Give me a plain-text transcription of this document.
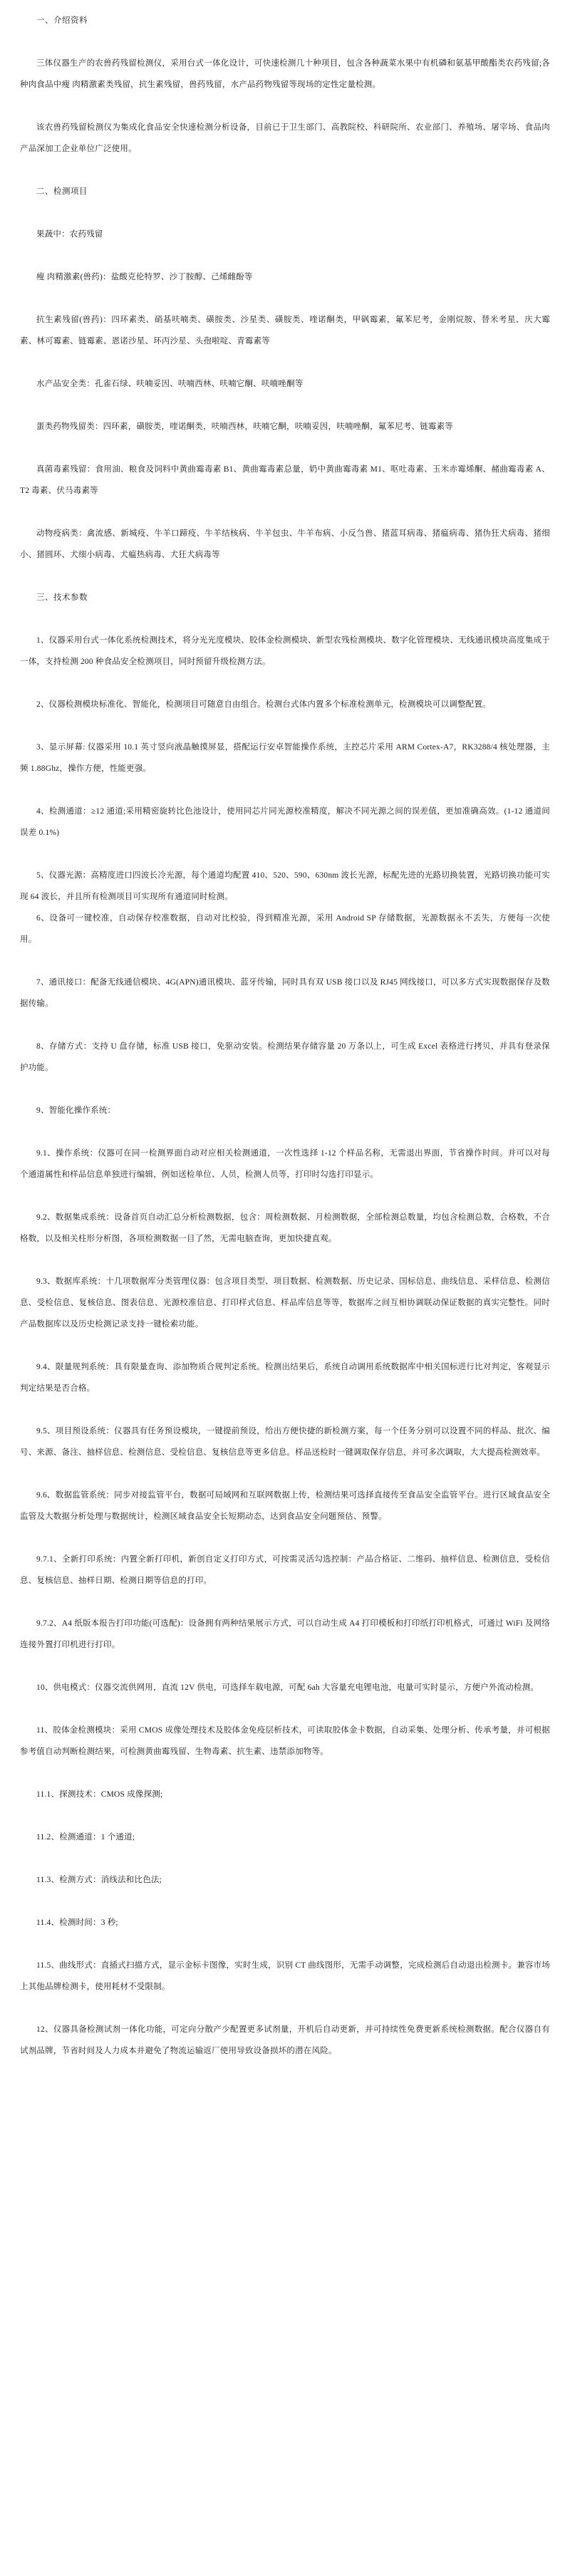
一、介绍资料

三体仪器生产的农兽药残留检测仪，采用台式一体化设计，可快速检测几十种项目，包含各种蔬菜水果中有机磷和氨基甲酸酯类农药残留;各种肉食品中瘦 肉精激素类残留，抗生素残留，兽药残留，水产品药物残留等现场的定性定量检测。

该农兽药残留检测仪为集成化食品安全快速检测分析设备，目前已于卫生部门、高教院校、科研院所、农业部门、养殖场、屠宰场、食品肉产品深加工企业单位广泛使用。

二、检测项目

果蔬中：农药残留

瘦 肉精激素(兽药)：盐酸克伦特罗、沙丁胺醇、己烯雌酚等

抗生素残留(兽药)：四环素类、硝基呋喃类、磺胺类、沙星类、磺胺类、喹诺酮类，甲砜霉素，氟苯尼考，金刚烷胺、替米考星、庆大霉素、林可霉素、链霉素、恩诺沙星、环丙沙星、头孢啦啶、青霉素等

水产品安全类：孔雀石绿、呋喃妥因、呋喃西林、呋喃它酮、呋喃唑酮等

蛋类药物残留类：四环素，磺胺类，喹诺酮类，呋喃西林，呋喃它酮，呋喃妥因，呋喃唑酮，氟苯尼考、链霉素等

真菌毒素残留：食用油、粮食及饲料中黄曲霉毒素 B1、黄曲霉毒素总量，奶中黄曲霉毒素 M1、呕吐毒素、玉米赤霉烯酮、赭曲霉毒素 A、T2 毒素、伏马毒素等

动物疫病类：禽流感、新城疫、牛羊口蹄疫、牛羊结核病、牛羊包虫、牛羊布病、小反刍兽、猪蓝耳病毒、猪瘟病毒、猪伪狂犬病毒、猪细小、猪圆环、犬细小病毒、犬瘟热病毒、犬狂犬病毒等

三、技术参数

1、仪器采用台式一体化系统检测技术，将分光光度模块、胶体金检测模块、新型农残检测模块、数字化管理模块、无线通讯模块高度集成于一体，支持检测 200 种食品安全检测项目，同时预留升级检测方法。

2、仪器检测模块标准化、智能化，检测项目可随意自由组合。检测台式体内置多个标准检测单元，检测模块可以调整配置。

3、显示屏幕: 仪器采用 10.1 英寸竖向液晶触摸屏显，搭配运行安卓智能操作系统，主控芯片采用 ARM Cortex-A7，RK3288/4 核处理器，主频 1.88Ghz，操作方便，性能更强。

4、检测通道：≥12 通道;采用精密旋转比色池设计，使用同芯片同光源校准精度，解决不同光源之间的误差值，更加准确高效。(1-12 通道间误差 0.1%)

5、仪器光源：高精度进口四波长冷光源，每个通道均配置 410、520、590、630nm 波长光源，标配先进的光路切换装置，光路切换功能可实现 64 波长，并且所有检测项目可实现所有通道同时检测。

6、设备可一键校准，自动保存校准数据，自动对比校验，得到精准光源，采用 Android SP 存储数据，光源数据永不丢失，方便每一次使用。

7、通讯接口：配备无线通信模块、4G(APN)通讯模块、蓝牙传输，同时具有双 USB 接口以及 RJ45 网线接口，可以多方式实现数据保存及数据传输。

8、存储方式：支持 U 盘存储，标准 USB 接口，免驱动安装。检测结果存储容量 20 万条以上，可生成 Excel 表格进行拷贝，并具有登录保护功能。

9、智能化操作系统：

9.1、操作系统：仪器可在同一检测界面自动对应相关检测通道，一次性选择 1-12 个样品名称，无需退出界面，节省操作时间。并可以对每个通道属性和样品信息单独进行编辑，例如送检单位、人员，检测人员等，打印时勾选打印显示。

9.2、数据集成系统：设备首页自动汇总分析检测数据，包含：周检测数据、月检测数据，全部检测总数量，均包含检测总数，合格数，不合格数，以及相关柱形分析图，各项检测数据一目了然，无需电脑查询，更加快捷直观。

9.3、数据库系统：十几项数据库分类管理仪器：包含项目类型、项目数据、检测数据、历史记录、国标信息、曲线信息、采样信息、检测信息、受检信息、复核信息、图表信息、光源校准信息、打印样式信息、样品库信息等等，数据库之间互相协调联动保证数据的真实完整性。同时产品数据库以及历史检测记录支持一键检索功能。

9.4、限量规判系统：具有限量查询、添加物质合规判定系统。检测出结果后，系统自动调用系统数据库中相关国标进行比对判定，客观显示判定结果是否合格。

9.5、项目预设系统：仪器具有任务预设模块，一键提前预设，给出方便快捷的新检测方案，每一个任务分别可以设置不同的样品、批次、编号、来源、备注、抽样信息、检测信息、受检信息、复核信息等更多信息。样品送检时一键调取保存信息，并可多次调取，大大提高检测效率。

9.6、数据监管系统：同步对接监管平台，数据可局域网和互联网数据上传，检测结果可选择直接传至食品安全监管平台。进行区域食品安全监管及大数据分析处理与数据统计，检测区域食品安全长短期动态，达到食品安全问题预估、预警。

9.7.1、全新打印系统：内置全新打印机，新创自定义打印方式，可按需灵活勾选控制：产品合格证、二维码、抽样信息、检测信息，受检信息、复核信息、抽样日期、检测日期等信息的打印。

9.7.2、A4 纸版本报告打印功能(可选配)：设备拥有两种结果展示方式，可以自动生成 A4 打印模板和打印纸打印机格式，可通过 WiFi 及网络连接外置打印机进行打印。

10、供电模式：仪器交流供网用，直流 12V 供电，可选择车载电源，可配 6ah 大容量充电锂电池，电量可实时显示，方便户外流动检测。

11、胶体金检测模块：采用 CMOS 成像处理技术及胶体金免疫层析技术，可读取胶体金卡数据，自动采集、处理分析、传承考量，并可根据参考值自动判断检测结果，可检测黄曲霉残留、生物毒素、抗生素、违禁添加物等。

11.1、探测技术：CMOS 成像探测;

11.2、检测通道：1 个通道;

11.3、检测方式：消线法和比色法;

11.4、检测时间：3 秒;

11.5、曲线形式：直插式扫描方式，显示金标卡图像，实时生成，识别 CT 曲线图形，无需手动调整，完成检测后自动退出检测卡。兼容市场上其他品牌检测卡，使用耗材不受限制。

12、仪器具备检测试剂一体化功能，可定向分散产少配置更多试剂量，开机后自动更新，并可持续性免费更新系统检测数据。配合仪器自有试剂品牌，节省时间及人力成本并避免了物流运输返厂使用导致设备损坏的潜在风险。
